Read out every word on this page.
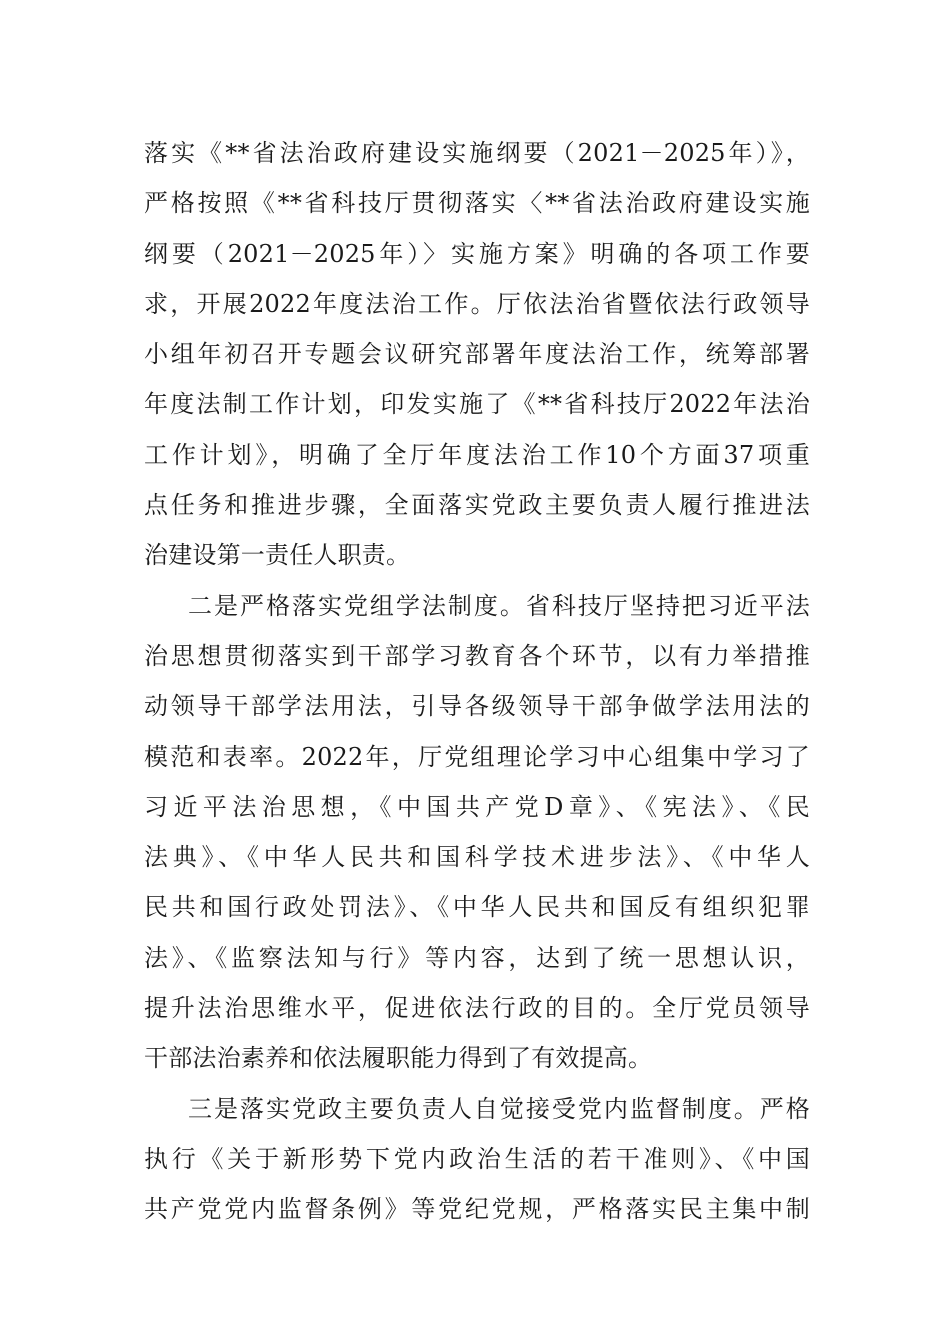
落实《**省法治政府建设实施纲要（2021－2025年）》，
严格按照《**省科技厅贯彻落实〈**省法治政府建设实施
纲要（2021－2025年）〉实施方案》明确的各项工作要
求，开展2022年度法治工作。厅依法治省暨依法行政领导
小组年初召开专题会议研究部署年度法治工作，统筹部署
年度法制工作计划，印发实施了《**省科技厅2022年法治
工作计划》，明确了全厅年度法治工作10个方面37项重
点任务和推进步骤，全面落实党政主要负责人履行推进法
治建设第一责任人职责。
二是严格落实党组学法制度。省科技厅坚持把习近平法
治思想贯彻落实到干部学习教育各个环节，以有力举措推
动领导干部学法用法，引导各级领导干部争做学法用法的
模范和表率。2022年，厅党组理论学习中心组集中学习了
习近平法治思想，《中国共产党D章》、《宪法》、《民
法典》、《中华人民共和国科学技术进步法》、《中华人
民共和国行政处罚法》、《中华人民共和国反有组织犯罪
法》、《监察法知与行》等内容，达到了统一思想认识，
提升法治思维水平，促进依法行政的目的。全厅党员领导
干部法治素养和依法履职能力得到了有效提高。
三是落实党政主要负责人自觉接受党内监督制度。严格
执行《关于新形势下党内政治生活的若干准则》、《中国
共产党党内监督条例》等党纪党规，严格落实民主集中制
